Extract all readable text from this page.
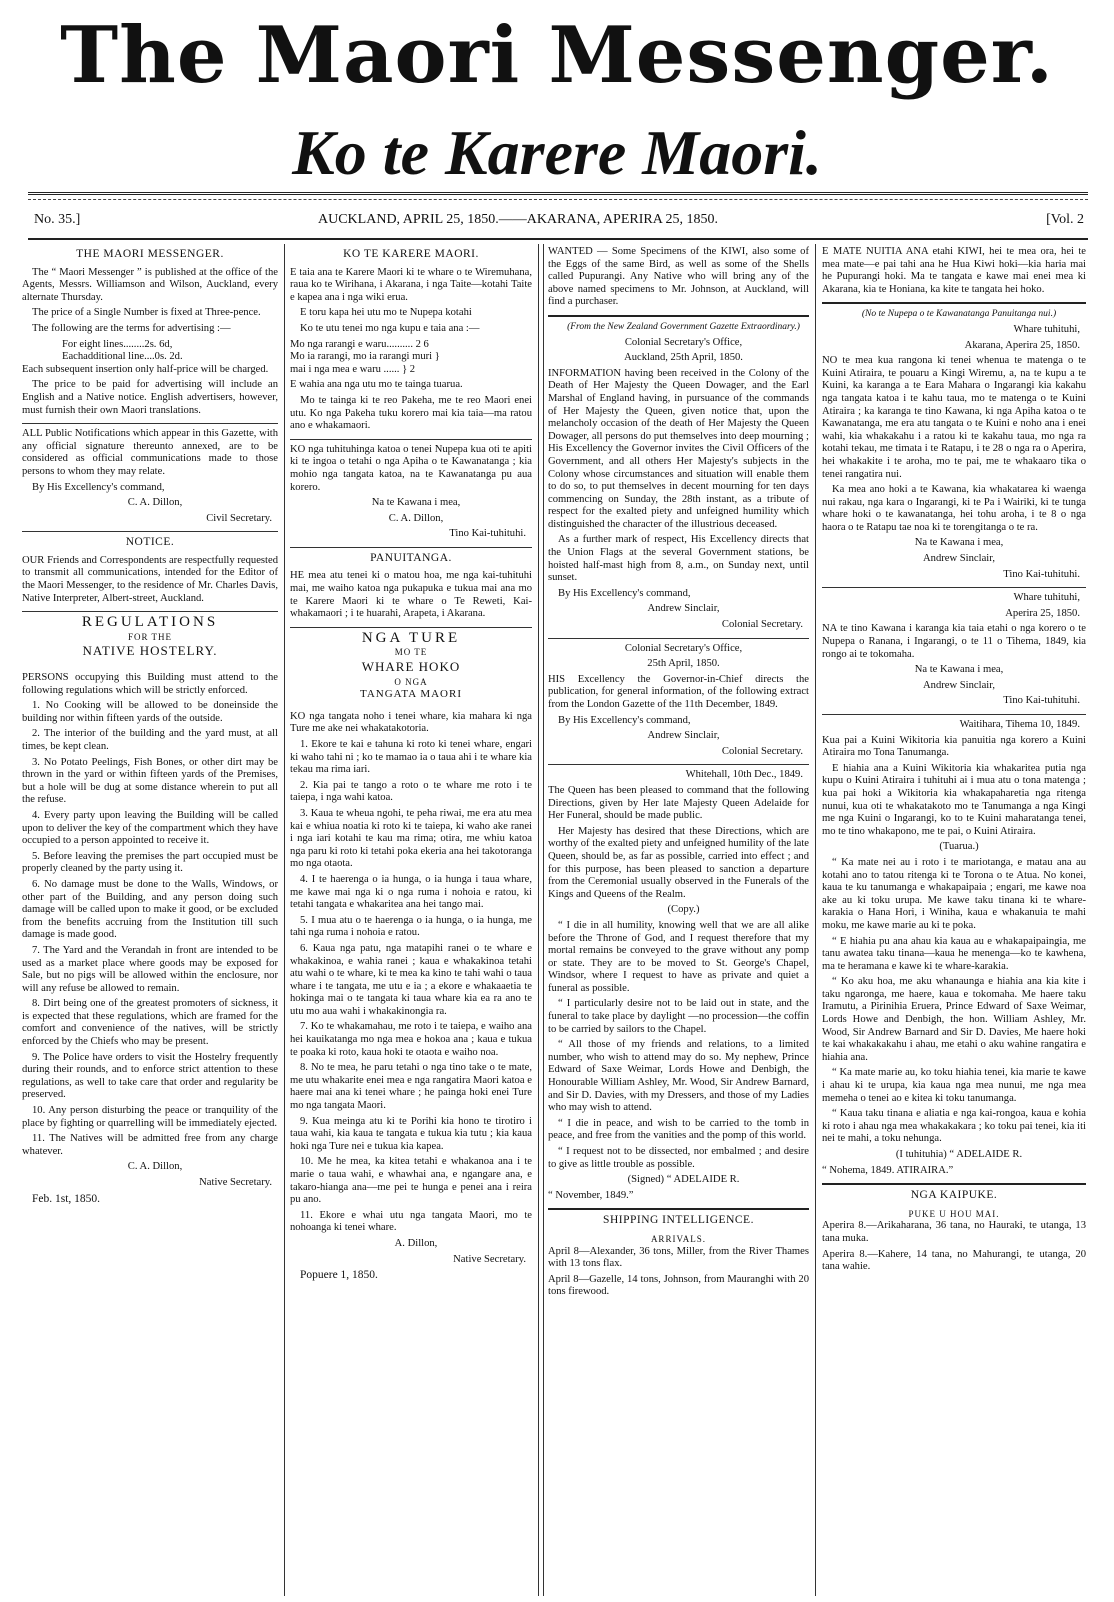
The Maori Messenger.
Ko te Karere Maori.
No. 35.]	AUCKLAND, APRIL 25, 1850.——AKARANA, APERIRA 25, 1850.	[Vol. 2
THE MAORI MESSENGER.

The “ Maori Messenger ” is published at the office of the Agents, Messrs. Williamson and Wilson, Auckland, every alternate Thursday.

The price of a Single Number is fixed at Three-pence.

The following are the terms for advertising :—

For eight lines........2s. 6d,

Eachadditional line....0s. 2d.

Each subsequent insertion only half-price will be charged.

The price to be paid for advertising will include an English and a Native notice. English advertisers, however, must furnish their own Maori translations.

ALL Public Notifications which appear in this Gazette, with any official signature thereunto annexed, are to be considered as official communications made to those persons to whom they may relate.

By His Excellency's command,

C. A. Dillon,

Civil Secretary.

NOTICE.

OUR Friends and Correspondents are respectfully requested to transmit all communications, intended for the Editor of the Maori Messenger, to the residence of Mr. Charles Davis, Native Interpreter, Albert-street, Auckland.

REGULATIONS
FOR THE
NATIVE HOSTELRY.

PERSONS occupying this Building must attend to the following regulations which will be strictly enforced.

1. No Cooking will be allowed to be doneinside the building nor within fifteen yards of the outside.

2. The interior of the building and the yard must, at all times, be kept clean.

3. No Potato Peelings, Fish Bones, or other dirt may be thrown in the yard or within fifteen yards of the Premises, but a hole will be dug at some distance wherein to put all the refuse.

4. Every party upon leaving the Building will be called upon to deliver the key of the compartment which they have occupied to a person appointed to receive it.

5. Before leaving the premises the part occupied must be properly cleaned by the party using it.

6. No damage must be done to the Walls, Windows, or other part of the Building, and any person doing such damage will be called upon to make it good, or be excluded from the benefits accruing from the Institution till such damage is made good.

7. The Yard and the Verandah in front are intended to be used as a market place where goods may be exposed for Sale, but no pigs will be allowed within the enclosure, nor will any refuse be allowed to remain.

8. Dirt being one of the greatest promoters of sickness, it is expected that these regulations, which are framed for the comfort and convenience of the natives, will be strictly enforced by the Chiefs who may be present.

9. The Police have orders to visit the Hostelry frequently during their rounds, and to enforce strict attention to these regulations, as well to take care that order and regularity be preserved.

10. Any person disturbing the peace or tranquility of the place by fighting or quarrelling will be immediately ejected.

11. The Natives will be admitted free from any charge whatever.

C. A. Dillon,

Native Secretary.

Feb. 1st, 1850.

KO TE KARERE MAORI.

E taia ana te Karere Maori ki te whare o te Wiremuhana, raua ko te Wirihana, i Akarana, i nga Taite—kotahi Taite e kapea ana i nga wiki erua.

E toru kapa hei utu mo te Nupepa kotahi

Ko te utu tenei mo nga kupu e taia ana :—

Mo nga rarangi e waru.......... 2 6

Mo ia rarangi, mo ia rarangi muri }

mai i nga mea e waru ...... } 2

E wahia ana nga utu mo te tainga tuarua.

Mo te tainga ki te reo Pakeha, me te reo Maori enei utu. Ko nga Pakeha tuku korero mai kia taia—ma ratou ano e whakamaori.

KO nga tuhituhinga katoa o tenei Nupepa kua oti te apiti ki te ingoa o tetahi o nga Apiha o te Kawanatanga ; kia mohio nga tangata katoa, na te Kawanatanga pu aua korero.

Na te Kawana i mea,

C. A. Dillon,

Tino Kai-tuhituhi.

PANUITANGA.

HE mea atu tenei ki o matou hoa, me nga kai-tuhituhi mai, me waiho katoa nga pukapuka e tukua mai ana mo te Karere Maori ki te whare o Te Reweti, Kai-whakamaori ; i te huarahi, Arapeta, i Akarana.

NGA TURE
MO TE
WHARE HOKO
O NGA
TANGATA MAORI

KO nga tangata noho i tenei whare, kia mahara ki nga Ture me ake nei whakatakotoria.

1. Ekore te kai e tahuna ki roto ki tenei whare, engari ki waho tahi ni ; ko te mamao ia o taua ahi i te whare kia tekau ma rima iari.

2. Kia pai te tango a roto o te whare me roto i te taiepa, i nga wahi katoa.

3. Kaua te wheua ngohi, te peha riwai, me era atu mea kai e whiua noatia ki roto ki te taiepa, ki waho ake ranei i nga iari kotahi te kau ma rima; otira, me whiu katoa nga paru ki roto ki tetahi poka ekeria ana hei takotoranga mo nga otaota.

4. I te haerenga o ia hunga, o ia hunga i taua whare, me kawe mai nga ki o nga ruma i nohoia e ratou, ki tetahi tangata e whakaritea ana hei tango mai.

5. I mua atu o te haerenga o ia hunga, o ia hunga, me tahi nga ruma i nohoia e ratou.

6. Kaua nga patu, nga matapihi ranei o te whare e whakakinoa, e wahia ranei ; kaua e whakakinoa tetahi atu wahi o te whare, ki te mea ka kino te tahi wahi o taua whare i te tangata, me utu e ia ; a ekore e whakaaetia te hokinga mai o te tangata ki taua whare kia ea ra ano te utu mo aua wahi i whakakinongia ra.

7. Ko te whakamahau, me roto i te taiepa, e waiho ana hei kauikatanga mo nga mea e hokoa ana ; kaua e tukua te poaka ki roto, kaua hoki te otaota e waiho noa.

8. No te mea, he paru tetahi o nga tino take o te mate, me utu whakarite enei mea e nga rangatira Maori katoa e haere mai ana ki tenei whare ; he painga hoki enei Ture mo nga tangata Maori.

9. Kua meinga atu ki te Porihi kia hono te tirotiro i taua wahi, kia kaua te tangata e tukua kia tutu ; kia kaua hoki nga Ture nei e tukua kia kapea.

10. Me he mea, ka kitea tetahi e whakanoa ana i te marie o taua wahi, e whawhai ana, e ngangare ana, e takaro-hianga ana—me pei te hunga e penei ana i reira pu ano.

11. Ekore e whai utu nga tangata Maori, mo te nohoanga ki tenei whare.

A. Dillon,

Native Secretary.

Popuere 1, 1850.

WANTED — Some Specimens of the KIWI, also some of the Eggs of the same Bird, as well as some of the Shells called Pupurangi. Any Native who will bring any of the above named specimens to Mr. Johnson, at Auckland, will find a purchaser.

(From the New Zealand Government Gazette Extraordinary.)

Colonial Secretary's Office,

Auckland, 25th April, 1850.

INFORMATION having been received in the Colony of the Death of Her Majesty the Queen Dowager, and the Earl Marshal of England having, in pursuance of the commands of Her Majesty the Queen, given notice that, upon the melancholy occasion of the death of Her Majesty the Queen Dowager, all persons do put themselves into deep mourning ; His Excellency the Governor invites the Civil Officers of the Government, and all others Her Majesty's subjects in the Colony whose circumstances and situation will enable them to do so, to put themselves in decent mourning for ten days commencing on Sunday, the 28th instant, as a tribute of respect for the exalted piety and unfeigned humility which distinguished the character of the illustrious deceased.

As a further mark of respect, His Excellency directs that the Union Flags at the several Government stations, be hoisted half-mast high from 8, a.m., on Sunday next, until sunset.

By His Excellency's command,

Andrew Sinclair,

Colonial Secretary.

Colonial Secretary's Office,

25th April, 1850.

HIS Excellency the Governor-in-Chief directs the publication, for general information, of the following extract from the London Gazette of the 11th December, 1849.

By His Excellency's command,

Andrew Sinclair,

Colonial Secretary.

Whitehall, 10th Dec., 1849.

The Queen has been pleased to command that the following Directions, given by Her late Majesty Queen Adelaide for Her Funeral, should be made public.

Her Majesty has desired that these Directions, which are worthy of the exalted piety and unfeigned humility of the late Queen, should be, as far as possible, carried into effect ; and for this purpose, has been pleased to sanction a departure from the Ceremonial usually observed in the Funerals of the Kings and Queens of the Realm.

(Copy.)

“ I die in all humility, knowing well that we are all alike before the Throne of God, and I request therefore that my mortal remains be conveyed to the grave without any pomp or state. They are to be moved to St. George's Chapel, Windsor, where I request to have as private and quiet a funeral as possible.

“ I particularly desire not to be laid out in state, and the funeral to take place by daylight —no procession—the coffin to be carried by sailors to the Chapel.

“ All those of my friends and relations, to a limited number, who wish to attend may do so. My nephew, Prince Edward of Saxe Weimar, Lords Howe and Denbigh, the Honourable William Ashley, Mr. Wood, Sir Andrew Barnard, and Sir D. Davies, with my Dressers, and those of my Ladies who may wish to attend.

“ I die in peace, and wish to be carried to the tomb in peace, and free from the vanities and the pomp of this world.

“ I request not to be dissected, nor embalmed ; and desire to give as little trouble as possible.

(Signed) “ ADELAIDE R.

“ November, 1849.”

SHIPPING INTELLIGENCE.
ARRIVALS.

April 8—Alexander, 36 tons, Miller, from the River Thames with 13 tons flax.

April 8—Gazelle, 14 tons, Johnson, from Mauranghi with 20 tons firewood.

E MATE NUITIA ANA etahi KIWI, hei te mea ora, hei te mea mate—e pai tahi ana he Hua Kiwi hoki—kia haria mai he Pupurangi hoki. Ma te tangata e kawe mai enei mea ki Akarana, kia te Honiana, ka kite te tangata hei hoko.

(No te Nupepa o te Kawanatanga Panuitanga nui.)

Whare tuhituhi,

Akarana, Aperira 25, 1850.

NO te mea kua rangona ki tenei whenua te matenga o te Kuini Atiraira, te pouaru a Kingi Wiremu, a, na te kupu a te Kuini, ka karanga a te Eara Mahara o Ingarangi kia kakahu nga tangata katoa i te kahu taua, mo te matenga o te Kuini Atiraira ; ka karanga te tino Kawana, ki nga Apiha katoa o te Kawanatanga, me era atu tangata o te Kuini e noho ana i enei wahi, kia whakakahu i a ratou ki te kakahu taua, mo nga ra kotahi tekau, me timata i te Ratapu, i te 28 o nga ra o Aperira, hei whakakite i te aroha, mo te pai, me te whakaaro tika o tenei rangatira nui.

Ka mea ano hoki a te Kawana, kia whakatarea ki waenga nui rakau, nga kara o Ingarangi, ki te Pa i Wairiki, ki te tunga whare hoki o te kawanatanga, hei tohu aroha, i te 8 o nga haora o te Ratapu tae noa ki te torengitanga o te ra.

Na te Kawana i mea,

Andrew Sinclair,

Tino Kai-tuhituhi.

Whare tuhituhi,

Aperira 25, 1850.

NA te tino Kawana i karanga kia taia etahi o nga korero o te Nupepa o Ranana, i Ingarangi, o te 11 o Tihema, 1849, kia rongo ai te tokomaha.

Na te Kawana i mea,

Andrew Sinclair,

Tino Kai-tuhituhi.

Waitihara, Tihema 10, 1849.

Kua pai a Kuini Wikitoria kia panuitia nga korero a Kuini Atiraira mo Tona Tanumanga.

E hiahia ana a Kuini Wikitoria kia whakaritea putia nga kupu o Kuini Atiraira i tuhituhi ai i mua atu o tona matenga ; kua pai hoki a Wikitoria kia whakapaharetia nga ritenga nunui, kua oti te whakatakoto mo te Tanumanga a nga Kingi me nga Kuini o Ingarangi, ko to te Kuini maharatanga tenei, mo te tino whakapono, me te pai, o Kuini Atiraira.

(Tuarua.)

“ Ka mate nei au i roto i te mariotanga, e matau ana au kotahi ano to tatou ritenga ki te Torona o te Atua. No konei, kaua te ku tanumanga e whakapaipaia ; engari, me kawe noa ake au ki toku urupa. Me kawe taku tinana ki te whare-karakia o Hana Hori, i Winiha, kaua e whakanuia te mahi moku, me kawe marie au ki te poka.

“ E hiahia pu ana ahau kia kaua au e whakapaipaingia, me tanu awatea taku tinana—kaua he menenga—ko te kawhena, ma te heramana e kawe ki te whare-karakia.

“ Ko aku hoa, me aku whanaunga e hiahia ana kia kite i taku ngaronga, me haere, kaua e tokomaha. Me haere taku Iramutu, a Pirinihia Eruera, Prince Edward of Saxe Weimar, Lords Howe and Denbigh, the hon. William Ashley, Mr. Wood, Sir Andrew Barnard and Sir D. Davies, Me haere hoki te kai whakakakahu i ahau, me etahi o aku wahine rangatira e hiahia ana.

“ Ka mate marie au, ko toku hiahia tenei, kia marie te kawe i ahau ki te urupa, kia kaua nga mea nunui, me nga mea memeha o tenei ao e kitea ki toku tanumanga.

“ Kaua taku tinana e aliatia e nga kai-rongoa, kaua e kohia ki roto i ahau nga mea whakakakara ; ko toku pai tenei, kia iti nei te mahi, a toku nehunga.

(I tuhituhia) “ ADELAIDE R.

“ Nohema, 1849. ATIRAIRA.”

NGA KAIPUKE.
PUKE U HOU MAI.

Aperira 8.—Arikaharana, 36 tana, no Hauraki, te utanga, 13 tana muka.

Aperira 8.—Kahere, 14 tana, no Mahurangi, te utanga, 20 tana wahie.
